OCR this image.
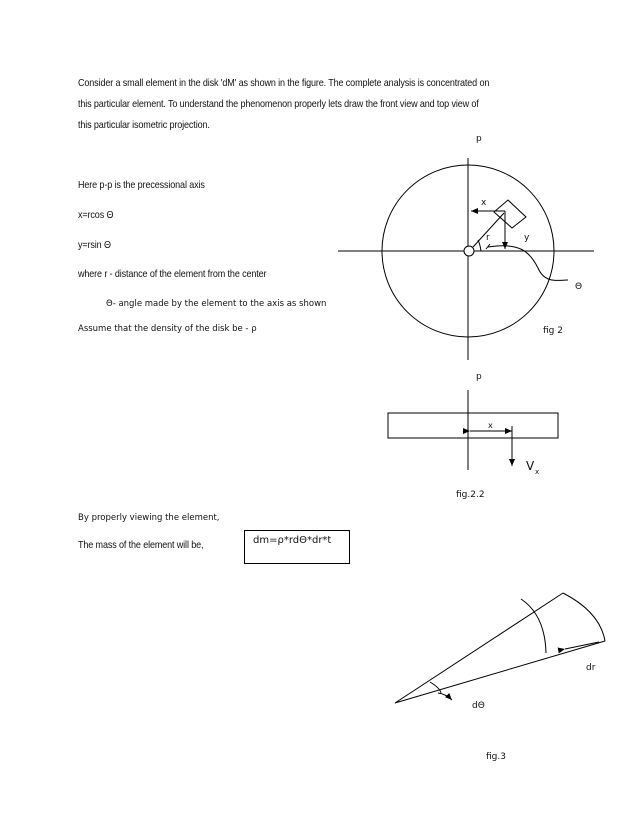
Consider a small element in the disk 'dM' as shown in the figure. The complete analysis is concentrated on
this particular element. To understand the phenomenon properly lets draw the front view and top view of
this particular isometric projection.
Here p-p is the precessional axis
x=rcos Θ
y=rsin Θ
where r - distance of the element from the center
Θ- angle made by the element to the axis as shown
Assume that the density of the disk be - ρ
By properly viewing the element,
The mass of the element will be,	dm=ρ*rdΘ*dr*t
p
p
x
y
r
Θ
fig 2
x
V x
fig.2.2
dr
dΘ
fig.3
